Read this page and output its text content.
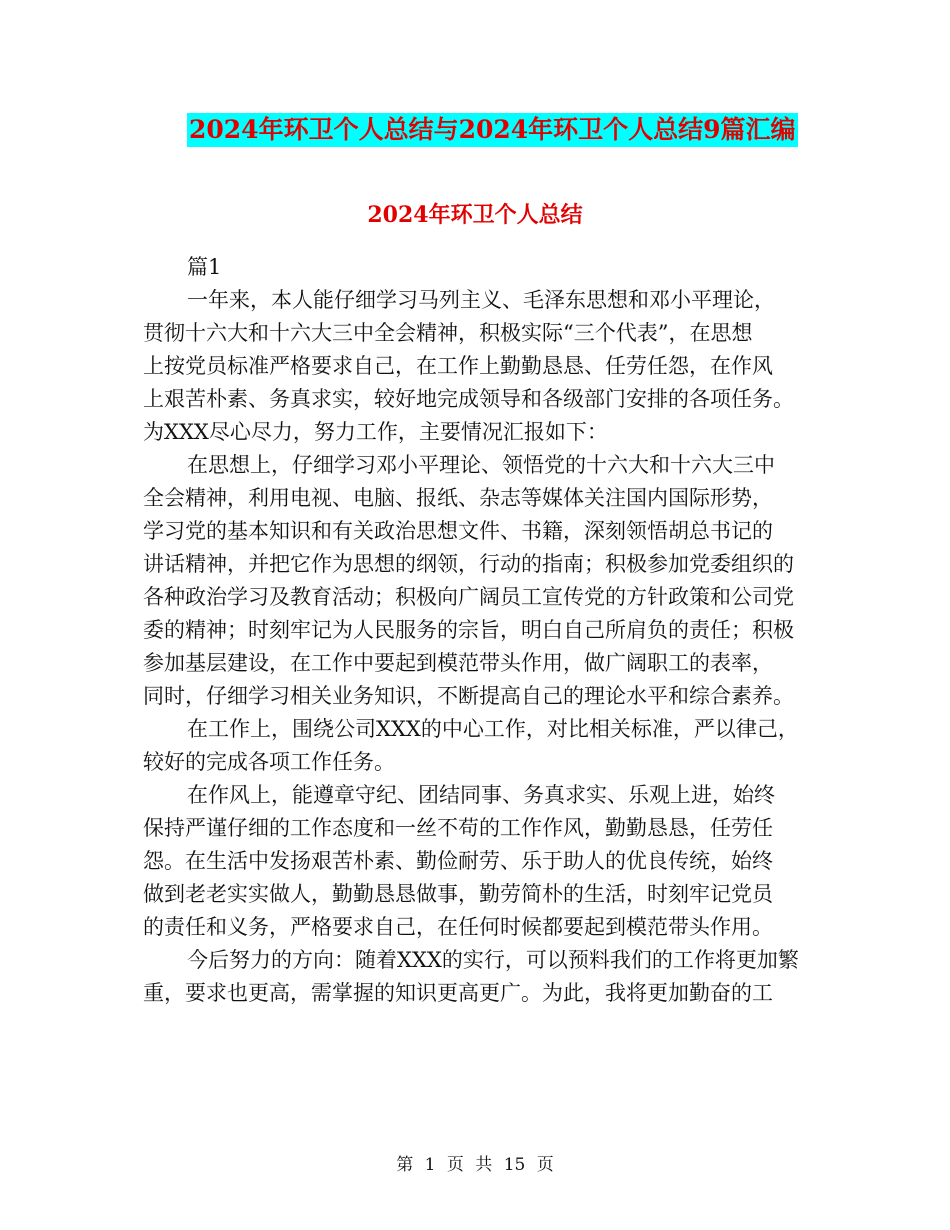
2024年环卫个人总结与2024年环卫个人总结9篇汇编
2024年环卫个人总结
篇1
一年来，本人能仔细学习马列主义、毛泽东思想和邓小平理论，
贯彻十六大和十六大三中全会精神，积极实际“三个代表”，在思想
上按党员标准严格要求自己，在工作上勤勤恳恳、任劳任怨，在作风
上艰苦朴素、务真求实，较好地完成领导和各级部门安排的各项任务。
为XXX尽心尽力，努力工作，主要情况汇报如下：
在思想上，仔细学习邓小平理论、领悟党的十六大和十六大三中
全会精神，利用电视、电脑、报纸、杂志等媒体关注国内国际形势，
学习党的基本知识和有关政治思想文件、书籍，深刻领悟胡总书记的
讲话精神，并把它作为思想的纲领，行动的指南；积极参加党委组织的
各种政治学习及教育活动；积极向广阔员工宣传党的方针政策和公司党
委的精神；时刻牢记为人民服务的宗旨，明白自己所肩负的责任；积极
参加基层建设，在工作中要起到模范带头作用，做广阔职工的表率，
同时，仔细学习相关业务知识，不断提高自己的理论水平和综合素养。
在工作上，围绕公司XXX的中心工作，对比相关标准，严以律己，
较好的完成各项工作任务。
在作风上，能遵章守纪、团结同事、务真求实、乐观上进，始终
保持严谨仔细的工作态度和一丝不苟的工作作风，勤勤恳恳，任劳任
怨。在生活中发扬艰苦朴素、勤俭耐劳、乐于助人的优良传统，始终
做到老老实实做人，勤勤恳恳做事，勤劳简朴的生活，时刻牢记党员
的责任和义务，严格要求自己，在任何时候都要起到模范带头作用。
今后努力的方向：随着XXX的实行，可以预料我们的工作将更加繁
重，要求也更高，需掌握的知识更高更广。为此，我将更加勤奋的工
第 1 页 共 15 页
